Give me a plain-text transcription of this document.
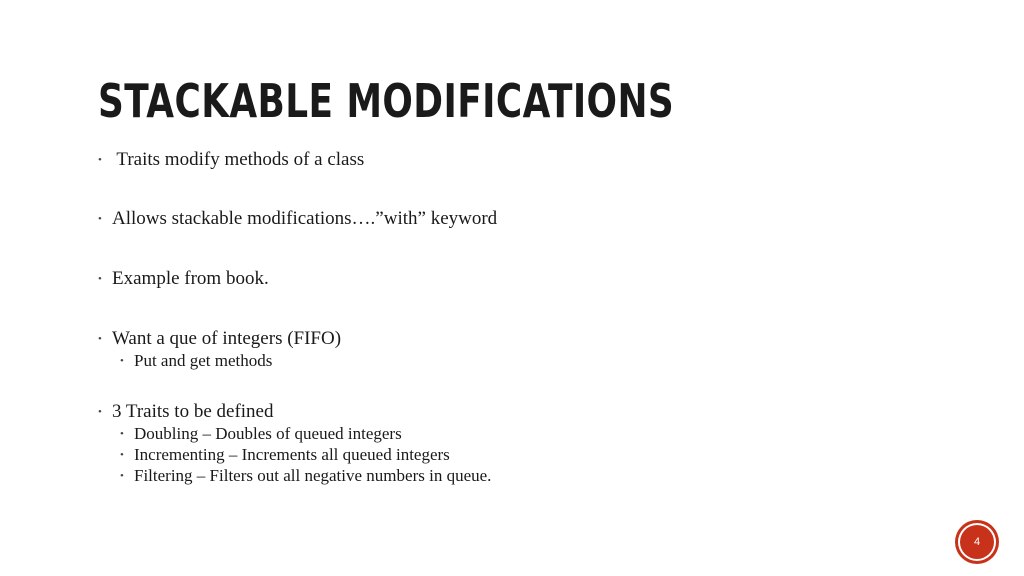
STACKABLE MODIFICATIONS
• Traits modify methods of a class
• Allows stackable modifications….”with” keyword
• Example from book.
• Want a que of integers (FIFO)
• Put and get methods
• 3 Traits to be defined
• Doubling – Doubles of queued integers
• Incrementing – Increments all queued integers
• Filtering – Filters out all negative numbers in queue.
4
